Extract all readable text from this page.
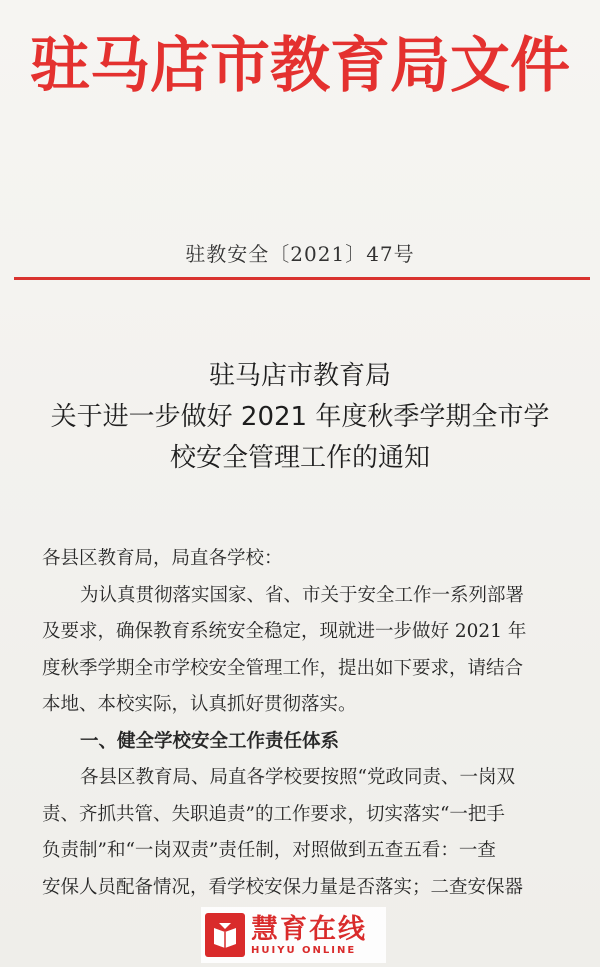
驻马店市教育局文件
驻教安全〔2021〕47号
驻马店市教育局
关于进一步做好 2021 年度秋季学期全市学
校安全管理工作的通知

各县区教育局，局直各学校：

为认真贯彻落实国家、省、市关于安全工作一系列部署

及要求，确保教育系统安全稳定，现就进一步做好 2021 年

度秋季学期全市学校安全管理工作，提出如下要求，请结合

本地、本校实际，认真抓好贯彻落实。

一、健全学校安全工作责任体系

各县区教育局、局直各学校要按照“党政同责、一岗双

责、齐抓共管、失职追责”的工作要求，切实落实“一把手

负责制”和“一岗双责”责任制，对照做到五查五看：一查

安保人员配备情况，看学校安保力量是否落实；二查安保器

慧育在线
HUIYU ONLINE
